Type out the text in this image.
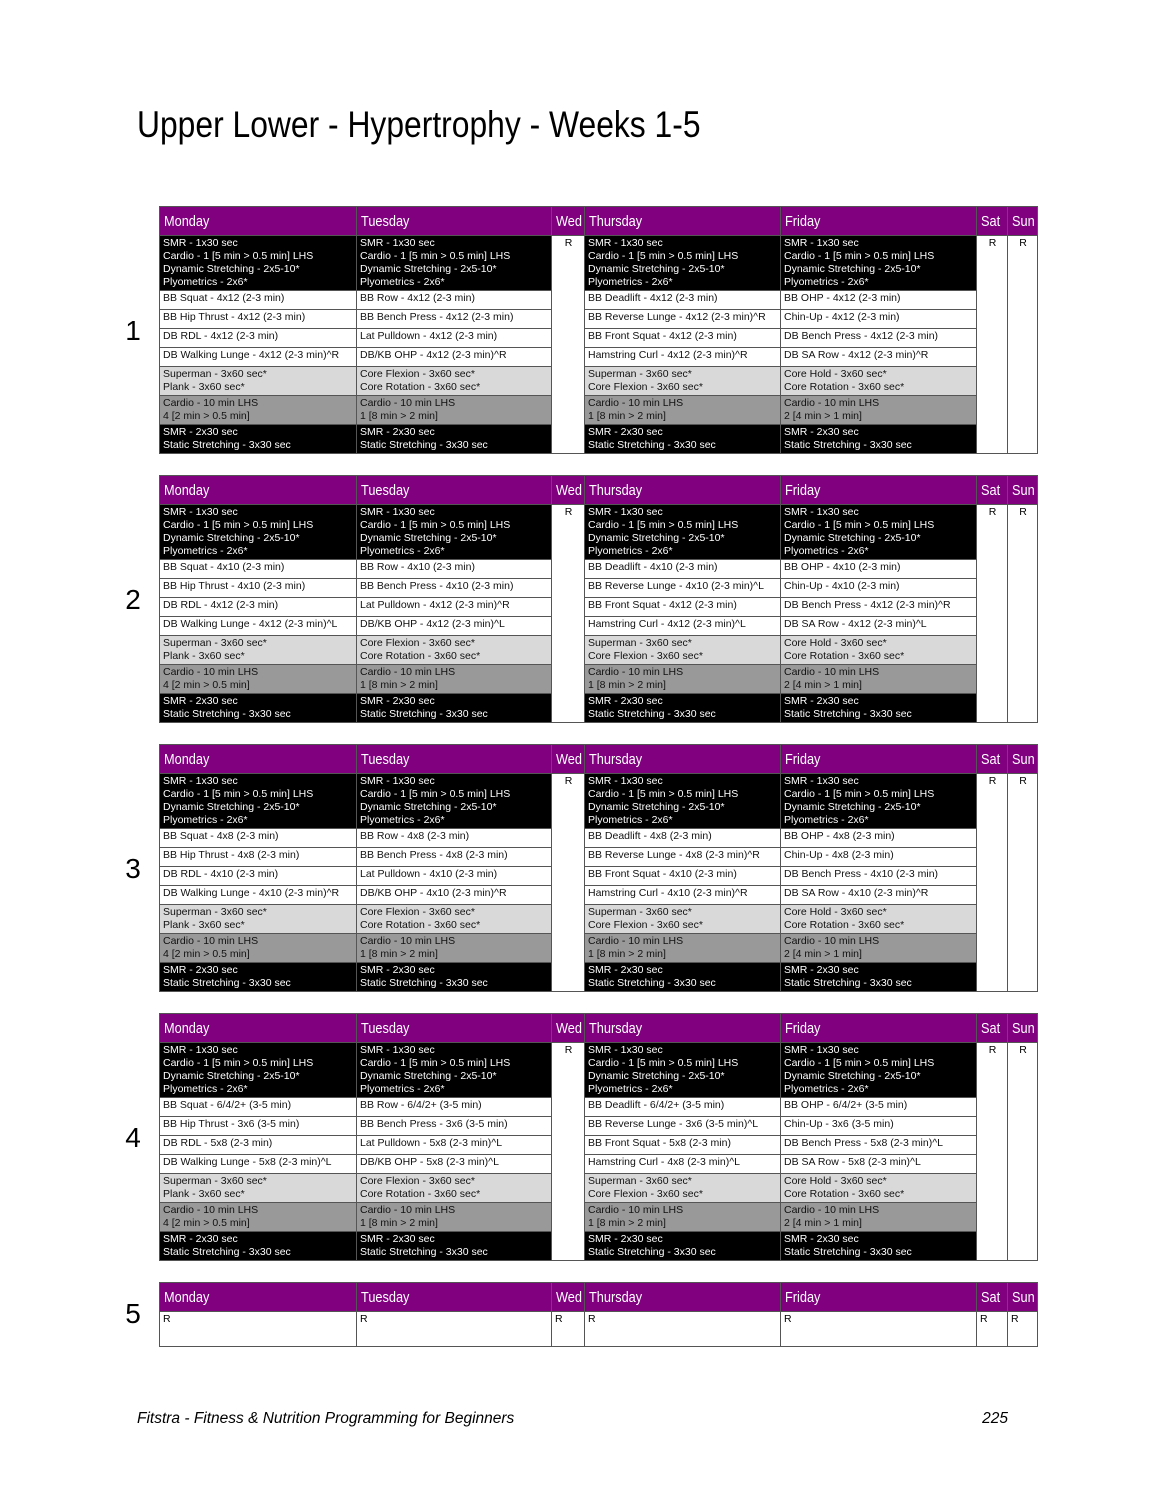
Upper Lower - Hypertrophy - Weeks 1-5
1
Monday	Tuesday	Wed	Thursday	Friday	Sat	Sun
SMR - 1x30 sec
Cardio - 1 [5 min > 0.5 min] LHS
Dynamic Stretching - 2x5-10*
Plyometrics - 2x6*	SMR - 1x30 sec
Cardio - 1 [5 min > 0.5 min] LHS
Dynamic Stretching - 2x5-10*
Plyometrics - 2x6*	R	SMR - 1x30 sec
Cardio - 1 [5 min > 0.5 min] LHS
Dynamic Stretching - 2x5-10*
Plyometrics - 2x6*	SMR - 1x30 sec
Cardio - 1 [5 min > 0.5 min] LHS
Dynamic Stretching - 2x5-10*
Plyometrics - 2x6*	R	R
BB Squat - 4x12 (2-3 min)	BB Row - 4x12 (2-3 min)		BB Deadlift - 4x12 (2-3 min)	BB OHP - 4x12 (2-3 min)		
BB Hip Thrust - 4x12 (2-3 min)	BB Bench Press - 4x12 (2-3 min)		BB Reverse Lunge - 4x12 (2-3 min)^R	Chin-Up - 4x12 (2-3 min)		
DB RDL - 4x12 (2-3 min)	Lat Pulldown - 4x12 (2-3 min)		BB Front Squat - 4x12 (2-3 min)	DB Bench Press - 4x12 (2-3 min)		
DB Walking Lunge - 4x12 (2-3 min)^R	DB/KB OHP - 4x12 (2-3 min)^R		Hamstring Curl - 4x12 (2-3 min)^R	DB SA Row - 4x12 (2-3 min)^R		
Superman - 3x60 sec*
Plank - 3x60 sec*	Core Flexion - 3x60 sec*
Core Rotation - 3x60 sec*		Superman - 3x60 sec*
Core Flexion - 3x60 sec*	Core Hold - 3x60 sec*
Core Rotation - 3x60 sec*		
Cardio - 10 min LHS
4 [2 min > 0.5 min]	Cardio - 10 min LHS
1 [8 min > 2 min]		Cardio - 10 min LHS
1 [8 min > 2 min]	Cardio - 10 min LHS
2 [4 min > 1 min]		
SMR - 2x30 sec
Static Stretching - 3x30 sec	SMR - 2x30 sec
Static Stretching - 3x30 sec		SMR - 2x30 sec
Static Stretching - 3x30 sec	SMR - 2x30 sec
Static Stretching - 3x30 sec		
2
Monday	Tuesday	Wed	Thursday	Friday	Sat	Sun
SMR - 1x30 sec
Cardio - 1 [5 min > 0.5 min] LHS
Dynamic Stretching - 2x5-10*
Plyometrics - 2x6*	SMR - 1x30 sec
Cardio - 1 [5 min > 0.5 min] LHS
Dynamic Stretching - 2x5-10*
Plyometrics - 2x6*	R	SMR - 1x30 sec
Cardio - 1 [5 min > 0.5 min] LHS
Dynamic Stretching - 2x5-10*
Plyometrics - 2x6*	SMR - 1x30 sec
Cardio - 1 [5 min > 0.5 min] LHS
Dynamic Stretching - 2x5-10*
Plyometrics - 2x6*	R	R
BB Squat - 4x10 (2-3 min)	BB Row - 4x10 (2-3 min)		BB Deadlift - 4x10 (2-3 min)	BB OHP - 4x10 (2-3 min)		
BB Hip Thrust - 4x10 (2-3 min)	BB Bench Press - 4x10 (2-3 min)		BB Reverse Lunge - 4x10 (2-3 min)^L	Chin-Up - 4x10 (2-3 min)		
DB RDL - 4x12 (2-3 min)	Lat Pulldown - 4x12 (2-3 min)^R		BB Front Squat - 4x12 (2-3 min)	DB Bench Press - 4x12 (2-3 min)^R		
DB Walking Lunge - 4x12 (2-3 min)^L	DB/KB OHP - 4x12 (2-3 min)^L		Hamstring Curl - 4x12 (2-3 min)^L	DB SA Row - 4x12 (2-3 min)^L		
Superman - 3x60 sec*
Plank - 3x60 sec*	Core Flexion - 3x60 sec*
Core Rotation - 3x60 sec*		Superman - 3x60 sec*
Core Flexion - 3x60 sec*	Core Hold - 3x60 sec*
Core Rotation - 3x60 sec*		
Cardio - 10 min LHS
4 [2 min > 0.5 min]	Cardio - 10 min LHS
1 [8 min > 2 min]		Cardio - 10 min LHS
1 [8 min > 2 min]	Cardio - 10 min LHS
2 [4 min > 1 min]		
SMR - 2x30 sec
Static Stretching - 3x30 sec	SMR - 2x30 sec
Static Stretching - 3x30 sec		SMR - 2x30 sec
Static Stretching - 3x30 sec	SMR - 2x30 sec
Static Stretching - 3x30 sec		
3
Monday	Tuesday	Wed	Thursday	Friday	Sat	Sun
SMR - 1x30 sec
Cardio - 1 [5 min > 0.5 min] LHS
Dynamic Stretching - 2x5-10*
Plyometrics - 2x6*	SMR - 1x30 sec
Cardio - 1 [5 min > 0.5 min] LHS
Dynamic Stretching - 2x5-10*
Plyometrics - 2x6*	R	SMR - 1x30 sec
Cardio - 1 [5 min > 0.5 min] LHS
Dynamic Stretching - 2x5-10*
Plyometrics - 2x6*	SMR - 1x30 sec
Cardio - 1 [5 min > 0.5 min] LHS
Dynamic Stretching - 2x5-10*
Plyometrics - 2x6*	R	R
BB Squat - 4x8 (2-3 min)	BB Row - 4x8 (2-3 min)		BB Deadlift - 4x8 (2-3 min)	BB OHP - 4x8 (2-3 min)		
BB Hip Thrust - 4x8 (2-3 min)	BB Bench Press - 4x8 (2-3 min)		BB Reverse Lunge - 4x8 (2-3 min)^R	Chin-Up - 4x8 (2-3 min)		
DB RDL - 4x10 (2-3 min)	Lat Pulldown - 4x10 (2-3 min)		BB Front Squat - 4x10 (2-3 min)	DB Bench Press - 4x10 (2-3 min)		
DB Walking Lunge - 4x10 (2-3 min)^R	DB/KB OHP - 4x10 (2-3 min)^R		Hamstring Curl - 4x10 (2-3 min)^R	DB SA Row - 4x10 (2-3 min)^R		
Superman - 3x60 sec*
Plank - 3x60 sec*	Core Flexion - 3x60 sec*
Core Rotation - 3x60 sec*		Superman - 3x60 sec*
Core Flexion - 3x60 sec*	Core Hold - 3x60 sec*
Core Rotation - 3x60 sec*		
Cardio - 10 min LHS
4 [2 min > 0.5 min]	Cardio - 10 min LHS
1 [8 min > 2 min]		Cardio - 10 min LHS
1 [8 min > 2 min]	Cardio - 10 min LHS
2 [4 min > 1 min]		
SMR - 2x30 sec
Static Stretching - 3x30 sec	SMR - 2x30 sec
Static Stretching - 3x30 sec		SMR - 2x30 sec
Static Stretching - 3x30 sec	SMR - 2x30 sec
Static Stretching - 3x30 sec		
4
Monday	Tuesday	Wed	Thursday	Friday	Sat	Sun
SMR - 1x30 sec
Cardio - 1 [5 min > 0.5 min] LHS
Dynamic Stretching - 2x5-10*
Plyometrics - 2x6*	SMR - 1x30 sec
Cardio - 1 [5 min > 0.5 min] LHS
Dynamic Stretching - 2x5-10*
Plyometrics - 2x6*	R	SMR - 1x30 sec
Cardio - 1 [5 min > 0.5 min] LHS
Dynamic Stretching - 2x5-10*
Plyometrics - 2x6*	SMR - 1x30 sec
Cardio - 1 [5 min > 0.5 min] LHS
Dynamic Stretching - 2x5-10*
Plyometrics - 2x6*	R	R
BB Squat - 6/4/2+ (3-5 min)	BB Row - 6/4/2+ (3-5 min)		BB Deadlift - 6/4/2+ (3-5 min)	BB OHP - 6/4/2+ (3-5 min)		
BB Hip Thrust - 3x6 (3-5 min)	BB Bench Press - 3x6 (3-5 min)		BB Reverse Lunge - 3x6 (3-5 min)^L	Chin-Up - 3x6 (3-5 min)		
DB RDL - 5x8 (2-3 min)	Lat Pulldown - 5x8 (2-3 min)^L		BB Front Squat - 5x8 (2-3 min)	DB Bench Press - 5x8 (2-3 min)^L		
DB Walking Lunge - 5x8 (2-3 min)^L	DB/KB OHP - 5x8 (2-3 min)^L		Hamstring Curl - 4x8 (2-3 min)^L	DB SA Row - 5x8 (2-3 min)^L		
Superman - 3x60 sec*
Plank - 3x60 sec*	Core Flexion - 3x60 sec*
Core Rotation - 3x60 sec*		Superman - 3x60 sec*
Core Flexion - 3x60 sec*	Core Hold - 3x60 sec*
Core Rotation - 3x60 sec*		
Cardio - 10 min LHS
4 [2 min > 0.5 min]	Cardio - 10 min LHS
1 [8 min > 2 min]		Cardio - 10 min LHS
1 [8 min > 2 min]	Cardio - 10 min LHS
2 [4 min > 1 min]		
SMR - 2x30 sec
Static Stretching - 3x30 sec	SMR - 2x30 sec
Static Stretching - 3x30 sec		SMR - 2x30 sec
Static Stretching - 3x30 sec	SMR - 2x30 sec
Static Stretching - 3x30 sec		
5
Monday	Tuesday	Wed	Thursday	Friday	Sat	Sun
R	R	R	R	R	R	R
Fitstra - Fitness & Nutrition Programming for Beginners	225
